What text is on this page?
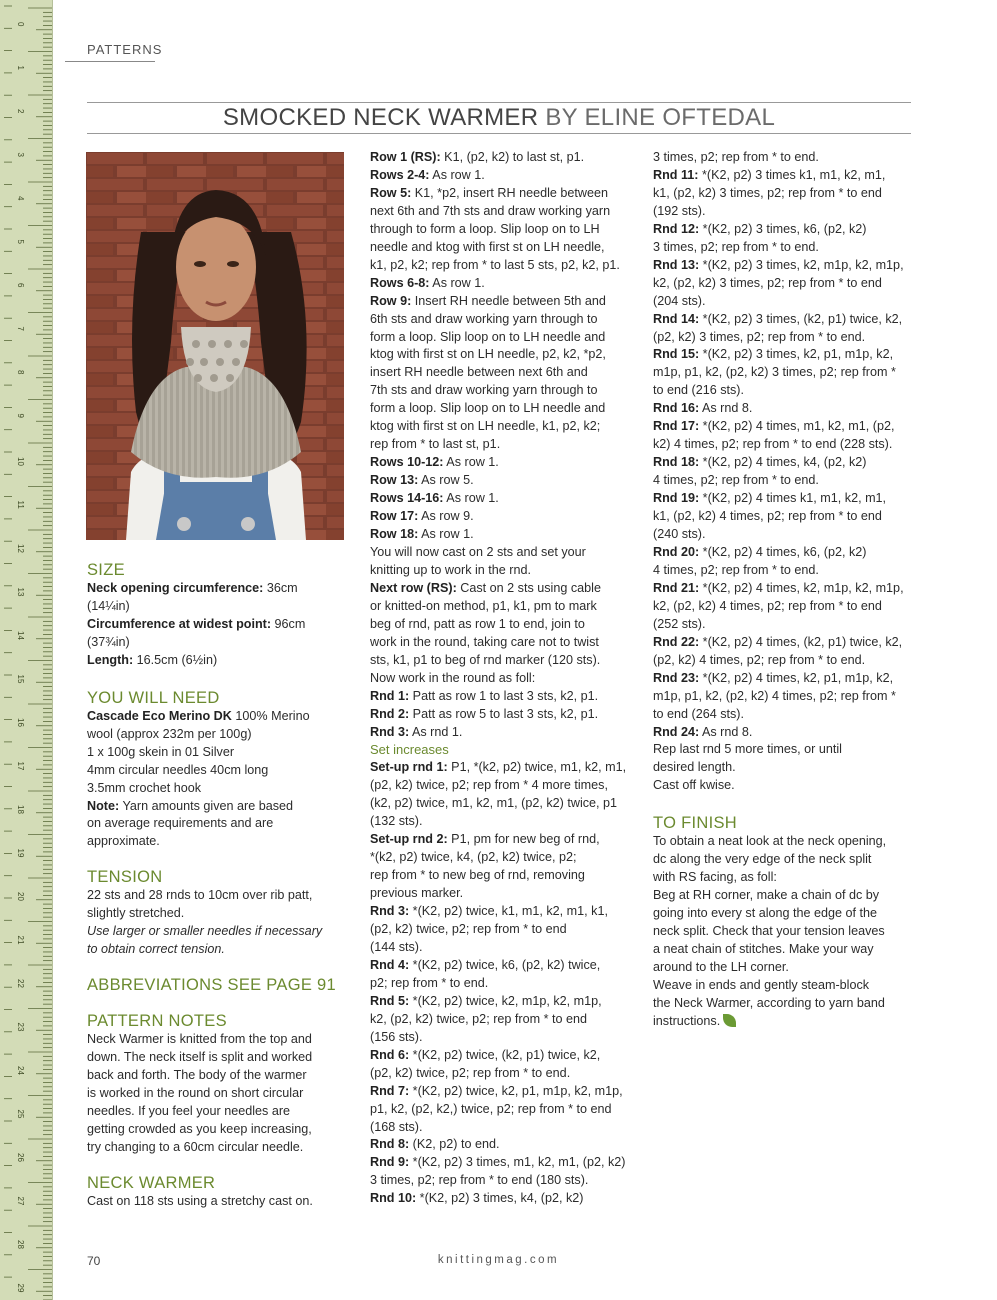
0
1
2
3
4
5
6
7
8
9
10
11
12
13
14
15
16
17
18
19
20
21
22
23
24
25
26
27
28
29
PATTERNS
SMOCKED NECK WARMER BY ELINE OFTEDAL
SIZE

Neck opening circumference: 36cm

(14¼in)

Circumference at widest point: 96cm

(37¾in)

Length: 16.5cm (6½in)

YOU WILL NEED

Cascade Eco Merino DK 100% Merino

wool (approx 232m per 100g)

1 x 100g skein in 01 Silver

4mm circular needles 40cm long

3.5mm crochet hook

Note: Yarn amounts given are based

on average requirements and are

approximate.

TENSION

22 sts and 28 rnds to 10cm over rib patt,

slightly stretched.

Use larger or smaller needles if necessary

to obtain correct tension.

ABBREVIATIONS SEE PAGE 91
PATTERN NOTES

Neck Warmer is knitted from the top and

down. The neck itself is split and worked

back and forth. The body of the warmer

is worked in the round on short circular

needles. If you feel your needles are

getting crowded as you keep increasing,

try changing to a 60cm circular needle.

NECK WARMER

Cast on 118 sts using a stretchy cast on.

Row 1 (RS): K1, (p2, k2) to last st, p1.

Rows 2-4: As row 1.

Row 5: K1, *p2, insert RH needle between

next 6th and 7th sts and draw working yarn

through to form a loop. Slip loop on to LH

needle and ktog with first st on LH needle,

k1, p2, k2; rep from * to last 5 sts, p2, k2, p1.

Rows 6-8: As row 1.

Row 9: Insert RH needle between 5th and

6th sts and draw working yarn through to

form a loop. Slip loop on to LH needle and

ktog with first st on LH needle, p2, k2, *p2,

insert RH needle between next 6th and

7th sts and draw working yarn through to

form a loop. Slip loop on to LH needle and

ktog with first st on LH needle, k1, p2, k2;

rep from * to last st, p1.

Rows 10-12: As row 1.

Row 13: As row 5.

Rows 14-16: As row 1.

Row 17: As row 9.

Row 18: As row 1.

You will now cast on 2 sts and set your

knitting up to work in the rnd.

Next row (RS): Cast on 2 sts using cable

or knitted-on method, p1, k1, pm to mark

beg of rnd, patt as row 1 to end, join to

work in the round, taking care not to twist

sts, k1, p1 to beg of rnd marker (120 sts).

Now work in the round as foll:

Rnd 1: Patt as row 1 to last 3 sts, k2, p1.

Rnd 2: Patt as row 5 to last 3 sts, k2, p1.

Rnd 3: As rnd 1.

Set increases

Set-up rnd 1: P1, *(k2, p2) twice, m1, k2, m1,

(p2, k2) twice, p2; rep from * 4 more times,

(k2, p2) twice, m1, k2, m1, (p2, k2) twice, p1

(132 sts).

Set-up rnd 2: P1, pm for new beg of rnd,

*(k2, p2) twice, k4, (p2, k2) twice, p2;

rep from * to new beg of rnd, removing

previous marker.

Rnd 3: *(K2, p2) twice, k1, m1, k2, m1, k1,

(p2, k2) twice, p2; rep from * to end

(144 sts).

Rnd 4: *(K2, p2) twice, k6, (p2, k2) twice,

p2; rep from * to end.

Rnd 5: *(K2, p2) twice, k2, m1p, k2, m1p,

k2, (p2, k2) twice, p2; rep from * to end

(156 sts).

Rnd 6: *(K2, p2) twice, (k2, p1) twice, k2,

(p2, k2) twice, p2; rep from * to end.

Rnd 7: *(K2, p2) twice, k2, p1, m1p, k2, m1p,

p1, k2, (p2, k2,) twice, p2; rep from * to end

(168 sts).

Rnd 8: (K2, p2) to end.

Rnd 9: *(K2, p2) 3 times, m1, k2, m1, (p2, k2)

3 times, p2; rep from * to end (180 sts).

Rnd 10: *(K2, p2) 3 times, k4, (p2, k2)

3 times, p2; rep from * to end.

Rnd 11: *(K2, p2) 3 times k1, m1, k2, m1,

k1, (p2, k2) 3 times, p2; rep from * to end

(192 sts).

Rnd 12: *(K2, p2) 3 times, k6, (p2, k2)

3 times, p2; rep from * to end.

Rnd 13: *(K2, p2) 3 times, k2, m1p, k2, m1p,

k2, (p2, k2) 3 times, p2; rep from * to end

(204 sts).

Rnd 14: *(K2, p2) 3 times, (k2, p1) twice, k2,

(p2, k2) 3 times, p2; rep from * to end.

Rnd 15: *(K2, p2) 3 times, k2, p1, m1p, k2,

m1p, p1, k2, (p2, k2) 3 times, p2; rep from *

to end (216 sts).

Rnd 16: As rnd 8.

Rnd 17: *(K2, p2) 4 times, m1, k2, m1, (p2,

k2) 4 times, p2; rep from * to end (228 sts).

Rnd 18: *(K2, p2) 4 times, k4, (p2, k2)

4 times, p2; rep from * to end.

Rnd 19: *(K2, p2) 4 times k1, m1, k2, m1,

k1, (p2, k2) 4 times, p2; rep from * to end

(240 sts).

Rnd 20: *(K2, p2) 4 times, k6, (p2, k2)

4 times, p2; rep from * to end.

Rnd 21: *(K2, p2) 4 times, k2, m1p, k2, m1p,

k2, (p2, k2) 4 times, p2; rep from * to end

(252 sts).

Rnd 22: *(K2, p2) 4 times, (k2, p1) twice, k2,

(p2, k2) 4 times, p2; rep from * to end.

Rnd 23: *(K2, p2) 4 times, k2, p1, m1p, k2,

m1p, p1, k2, (p2, k2) 4 times, p2; rep from *

to end (264 sts).

Rnd 24: As rnd 8.

Rep last rnd 5 more times, or until

desired length.

Cast off kwise.

TO FINISH

To obtain a neat look at the neck opening,

dc along the very edge of the neck split

with RS facing, as foll:

Beg at RH corner, make a chain of dc by

going into every st along the edge of the

neck split. Check that your tension leaves

a neat chain of stitches. Make your way

around to the LH corner.

Weave in ends and gently steam-block

the Neck Warmer, according to yarn band

instructions.

70	knittingmag.com
